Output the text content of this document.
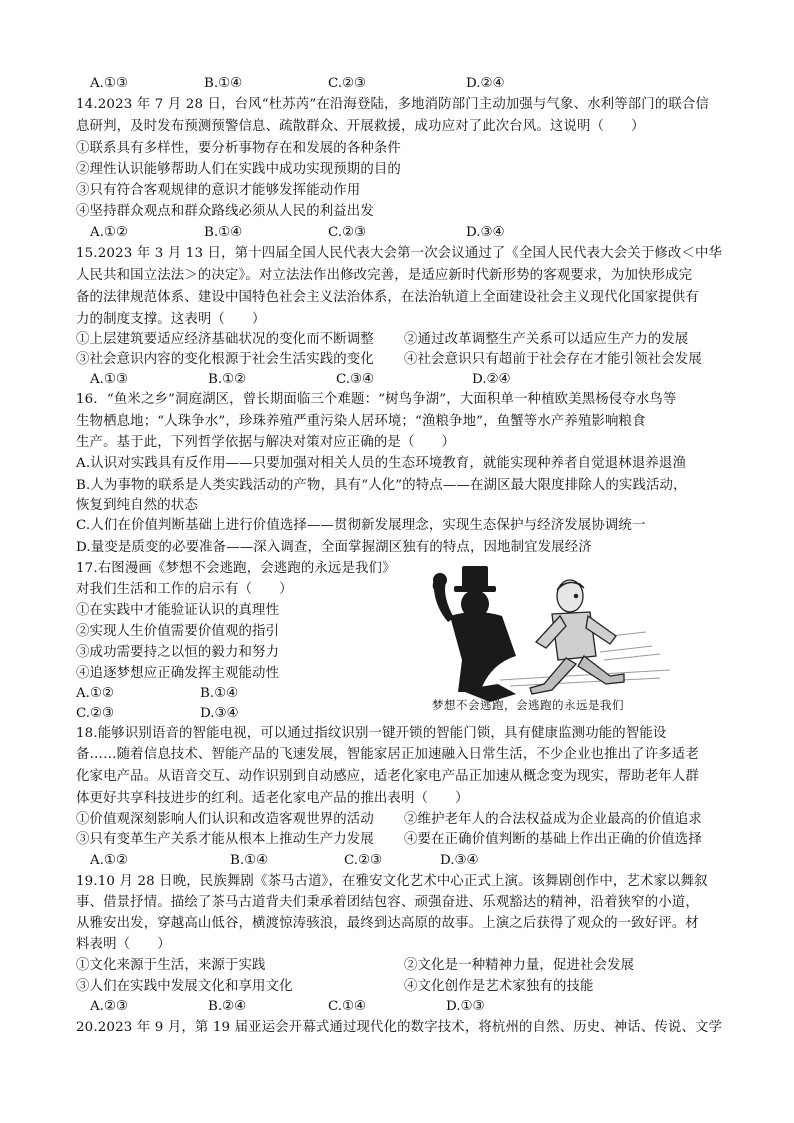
A.①③	B.①④	C.②③	D.②④
14.2023 年 7 月 28 日，台风“杜苏芮”在沿海登陆，多地消防部门主动加强与气象、水利等部门的联合信
息研判，及时发布预测预警信息、疏散群众、开展救援，成功应对了此次台风。这说明（　　）
①联系具有多样性，要分析事物存在和发展的各种条件
②理性认识能够帮助人们在实践中成功实现预期的目的
③只有符合客观规律的意识才能够发挥能动作用
④坚持群众观点和群众路线必须从人民的利益出发
A.①②	B.①④	C.②③	D.③④
15.2023 年 3 月 13 日，第十四届全国人民代表大会第一次会议通过了《全国人民代表大会关于修改＜中华
人民共和国立法法＞的决定》。对立法法作出修改完善，是适应新时代新形势的客观要求，为加快形成完
备的法律规范体系、建设中国特色社会主义法治体系，在法治轨道上全面建设社会主义现代化国家提供有
力的制度支撑。这表明（　　）
①上层建筑要适应经济基础状况的变化而不断调整 ②通过改革调整生产关系可以适应生产力的发展
③社会意识内容的变化根源于社会生活实践的变化 ④社会意识只有超前于社会存在才能引领社会发展
A.①③	B.①②	C.③④	D.②④
16．“鱼米之乡”洞庭湖区，曾长期面临三个难题：“树鸟争湖”，大面积单一种植欧美黑杨侵夺水鸟等
生物栖息地；“人珠争水”，珍珠养殖严重污染人居环境；“渔粮争地”，鱼蟹等水产养殖影响粮食
生产。基于此，下列哲学依据与解决对策对应正确的是（　　）
A.认识对实践具有反作用——只要加强对相关人员的生态环境教育，就能实现种养者自觉退林退养退渔
B.人为事物的联系是人类实践活动的产物，具有“人化”的特点——在湖区最大限度排除人的实践活动，
恢复到纯自然的状态
C.人们在价值判断基础上进行价值选择——贯彻新发展理念，实现生态保护与经济发展协调统一
D.量变是质变的必要准备——深入调查，全面掌握湖区独有的特点，因地制宜发展经济
17.右图漫画《梦想不会逃跑，会逃跑的永远是我们》
对我们生活和工作的启示有（　　）
①在实践中才能验证认识的真理性
②实现人生价值需要价值观的指引
③成功需要持之以恒的毅力和努力
④追逐梦想应正确发挥主观能动性
A.①②	B.①④
C.②③	D.③④
梦想不会逃跑，会逃跑的永远是我们
18.能够识别语音的智能电视，可以通过指纹识别一键开锁的智能门锁，具有健康监测功能的智能设
备……随着信息技术、智能产品的飞速发展，智能家居正加速融入日常生活，不少企业也推出了许多适老
化家电产品。从语音交互、动作识别到自动感应，适老化家电产品正加速从概念变为现实，帮助老年人群
体更好共享科技进步的红利。适老化家电产品的推出表明（　　）
①价值观深刻影响人们认识和改造客观世界的活动 ②维护老年人的合法权益成为企业最高的价值追求
③只有变革生产关系才能从根本上推动生产力发展 ④要在正确价值判断的基础上作出正确的价值选择
A.①②	B.①④	C.②③	D.③④
19.10 月 28 日晚，民族舞剧《茶马古道》，在雅安文化艺术中心正式上演。该舞剧创作中，艺术家以舞叙
事、借景抒情。描绘了茶马古道背夫们秉承着团结包容、顽强奋进、乐观豁达的精神，沿着狭窄的小道，
从雅安出发，穿越高山低谷，横渡惊涛骇浪，最终到达高原的故事。上演之后获得了观众的一致好评。材
料表明（　　）
①文化来源于生活，来源于实践	②文化是一种精神力量，促进社会发展
③人们在实践中发展文化和享用文化	④文化创作是艺术家独有的技能
A.②③	B.②④	C.①④	D.①③
20.2023 年 9 月，第 19 届亚运会开幕式通过现代化的数字技术，将杭州的自然、历史、神话、传说、文学
